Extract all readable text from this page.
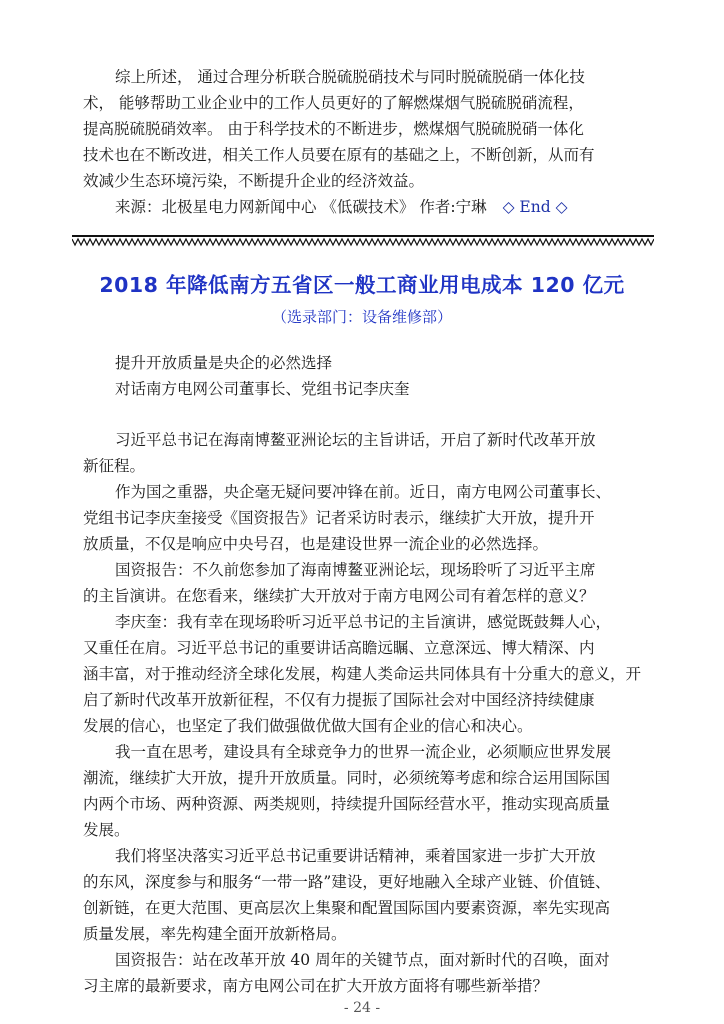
综上所述， 通过合理分析联合脱硫脱硝技术与同时脱硫脱硝一体化技
术， 能够帮助工业企业中的工作人员更好的了解燃煤烟气脱硫脱硝流程，
提高脱硫脱硝效率。 由于科学技术的不断进步，燃煤烟气脱硫脱硝一体化
技术也在不断改进，相关工作人员要在原有的基础之上，不断创新，从而有
效减少生态环境污染，不断提升企业的经济效益。
来源：北极星电力网新闻中心 《低碳技术》 作者:宁琳 ◇ End ◇
2018 年降低南方五省区一般工商业用电成本 120 亿元
（选录部门：设备维修部）
提升开放质量是央企的必然选择
对话南方电网公司董事长、党组书记李庆奎
习近平总书记在海南博鳌亚洲论坛的主旨讲话，开启了新时代改革开放
新征程。
作为国之重器，央企毫无疑问要冲锋在前。近日，南方电网公司董事长、
党组书记李庆奎接受《国资报告》记者采访时表示，继续扩大开放，提升开
放质量，不仅是响应中央号召，也是建设世界一流企业的必然选择。
国资报告：不久前您参加了海南博鳌亚洲论坛，现场聆听了习近平主席
的主旨演讲。在您看来，继续扩大开放对于南方电网公司有着怎样的意义？
李庆奎：我有幸在现场聆听习近平总书记的主旨演讲，感觉既鼓舞人心，
又重任在肩。习近平总书记的重要讲话高瞻远瞩、立意深远、博大精深、内
涵丰富，对于推动经济全球化发展，构建人类命运共同体具有十分重大的意义，开
启了新时代改革开放新征程，不仅有力提振了国际社会对中国经济持续健康
发展的信心，也坚定了我们做强做优做大国有企业的信心和决心。
我一直在思考，建设具有全球竞争力的世界一流企业，必须顺应世界发展
潮流，继续扩大开放，提升开放质量。同时，必须统筹考虑和综合运用国际国
内两个市场、两种资源、两类规则，持续提升国际经营水平，推动实现高质量
发展。
我们将坚决落实习近平总书记重要讲话精神，乘着国家进一步扩大开放
的东风，深度参与和服务“一带一路”建设，更好地融入全球产业链、价值链、
创新链，在更大范围、更高层次上集聚和配置国际国内要素资源，率先实现高
质量发展，率先构建全面开放新格局。
国资报告：站在改革开放 40 周年的关键节点，面对新时代的召唤，面对
习主席的最新要求，南方电网公司在扩大开放方面将有哪些新举措？
- 24 -
